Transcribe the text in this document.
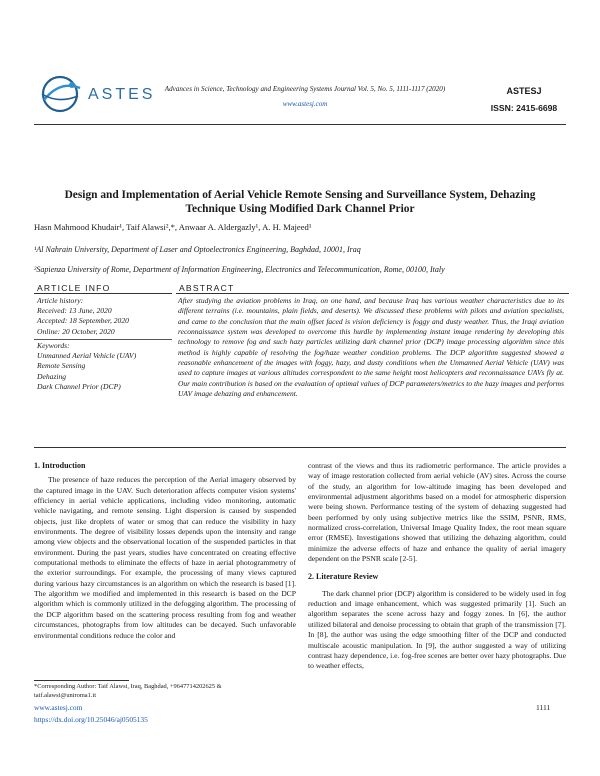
ASTES	Advances in Science, Technology and Engineering Systems Journal Vol. 5, No. 5, 1111-1117 (2020)
www.astesj.com
ASTESJ
ISSN: 2415-6698
Design and Implementation of Aerial Vehicle Remote Sensing and Surveillance System, Dehazing
Technique Using Modified Dark Channel Prior
Hasn Mahmood Khudair¹, Taif Alawsi²,*, Anwaar A. Aldergazly¹, A. H. Majeed¹
¹Al Nahrain University, Department of Laser and Optoelectronics Engineering, Baghdad, 10001, Iraq
²Sapienza University of Rome, Department of Information Engineering, Electronics and Telecommunication, Rome, 00100, Italy
ARTICLE INFO	ABSTRACT
Article history:
Received: 13 June, 2020
Accepted: 18 September, 2020
Online: 20 October, 2020
Keywords:
Unmanned Aerial Vehicle (UAV)
Remote Sensing
Dehazing
Dark Channel Prior (DCP)
After studying the aviation problems in Iraq, on one hand, and because Iraq has various weather characteristics due to its different terrains (i.e. mountains, plain fields, and deserts). We discussed these problems with pilots and aviation specialists, and came to the conclusion that the main offset faced is vision deficiency is foggy and dusty weather. Thus, the Iraqi aviation reconnaissance system was developed to overcome this hurdle by implementing instant image rendering by developing this technology to remove fog and such hazy particles utilizing dark channel prior (DCP) image processing algorithm since this method is highly capable of resolving the fog/haze weather condition problems. The DCP algorithm suggested showed a reasonable enhancement of the images with foggy, hazy, and dusty conditions when the Unmanned Aerial Vehicle (UAV) was used to capture images at various altitudes correspondent to the same height most helicopters and reconnaissance UAVs fly at. Our main contribution is based on the evaluation of optimal values of DCP parameters/metrics to the hazy images and performs UAV image dehazing and enhancement.
1. Introduction

The presence of haze reduces the perception of the Aerial imagery observed by the captured image in the UAV. Such deterioration affects computer vision systems' efficiency in aerial vehicle applications, including video monitoring, automatic vehicle navigating, and remote sensing. Light dispersion is caused by suspended objects, just like droplets of water or smog that can reduce the visibility in hazy environments. The degree of visibility losses depends upon the intensity and range among view objects and the observational location of the suspended particles in that environment. During the past years, studies have concentrated on creating effective computational methods to eliminate the effects of haze in aerial photogrammetry of the exterior surroundings. For example, the processing of many views captured during various hazy circumstances is an algorithm on which the research is based [1]. The algorithm we modified and implemented in this research is based on the DCP algorithm which is commonly utilized in the defogging algorithm. The processing of the DCP algorithm based on the scattering process resulting from fog and weather circumstances, photographs from low altitudes can be decayed. Such unfavorable environmental conditions reduce the color and

contrast of the views and thus its radiometric performance. The article provides a way of image restoration collected from aerial vehicle (AV) sites. Across the course of the study, an algorithm for low-altitude imaging has been developed and environmental adjustment algorithms based on a model for atmospheric dispersion were being shown. Performance testing of the system of dehazing suggested had been performed by only using subjective metrics like the SSIM, PSNR, RMS, normalized cross-correlation, Universal Image Quality Index, the root mean square error (RMSE). Investigations showed that utilizing the dehazing algorithm, could minimize the adverse effects of haze and enhance the quality of aerial imagery dependent on the PSNR scale [2-5].

2. Literature Review

The dark channel prior (DCP) algorithm is considered to be widely used in fog reduction and image enhancement, which was suggested primarily [1]. Such an algorithm separates the scene across hazy and foggy zones. In [6], the author utilized bilateral and denoise processing to obtain that graph of the transmission [7]. In [8], the author was using the edge smoothing filter of the DCP and conducted multiscale acoustic manipulation. In [9], the author suggested a way of utilizing contrast hazy dependence, i.e. fog-free scenes are better over hazy photographs. Due to weather effects,

*Corresponding Author: Taif Alawsi, Iraq, Baghdad, +9647714202625 &
taif.alawsi@uniroma1.it
www.astesj.com
https://dx.doi.org/10.25046/aj0505135
1111
